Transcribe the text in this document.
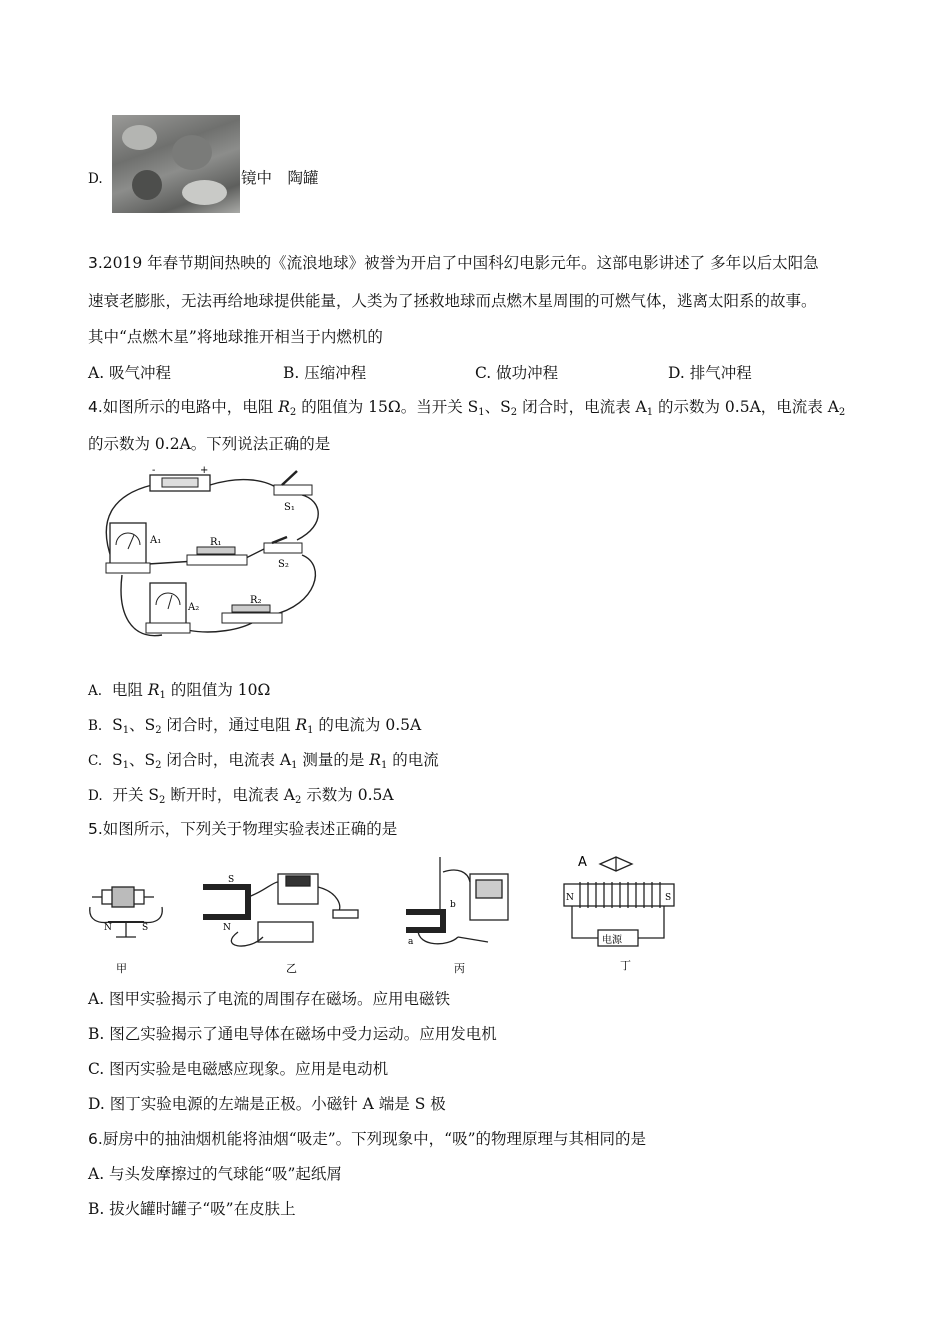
D.	镜中　陶罐
3.2019 年春节期间热映的《流浪地球》被誉为开启了中国科幻电影元年。这部电影讲述了 多年以后太阳急
速衰老膨胀，无法再给地球提供能量，人类为了拯救地球而点燃木星周围的可燃气体，逃离太阳系的故事。
其中“点燃木星”将地球推开相当于内燃机的
A. 吸气冲程	B. 压缩冲程	C. 做功冲程	D. 排气冲程
4.如图所示的电路中，电阻 $R_2$ 的阻值为 15Ω。当开关 $S_1$、$S_2$ 闭合时，电流表 $A_1$ 的示数为 0.5A，电流表 $A_2$
的示数为 0.2A。下列说法正确的是
-	+
S₁
A₁	R₁
S₂
A₂
R₂
A. 电阻 $R_1$ 的阻值为 10Ω
B. $S_1$、$S_2$ 闭合时，通过电阻 $R_1$ 的电流为 0.5A
C. $S_1$、$S_2$ 闭合时，电流表 $A_1$ 测量的是 $R_1$ 的电流
D. 开关 $S_2$ 断开时，电流表 $A_2$ 示数为 0.5A
5.如图所示，下列关于物理实验表述正确的是
N	S
甲
S
N
乙
b
a
丙
A
N	S
电源
丁
A. 图甲实验揭示了电流的周围存在磁场。应用电磁铁
B. 图乙实验揭示了通电导体在磁场中受力运动。应用发电机
C. 图丙实验是电磁感应现象。应用是电动机
D. 图丁实验电源的左端是正极。小磁针 A 端是 S 极
6.厨房中的抽油烟机能将油烟“吸走”。下列现象中，“吸”的物理原理与其相同的是
A. 与头发摩擦过的气球能“吸”起纸屑
B. 拔火罐时罐子“吸”在皮肤上
